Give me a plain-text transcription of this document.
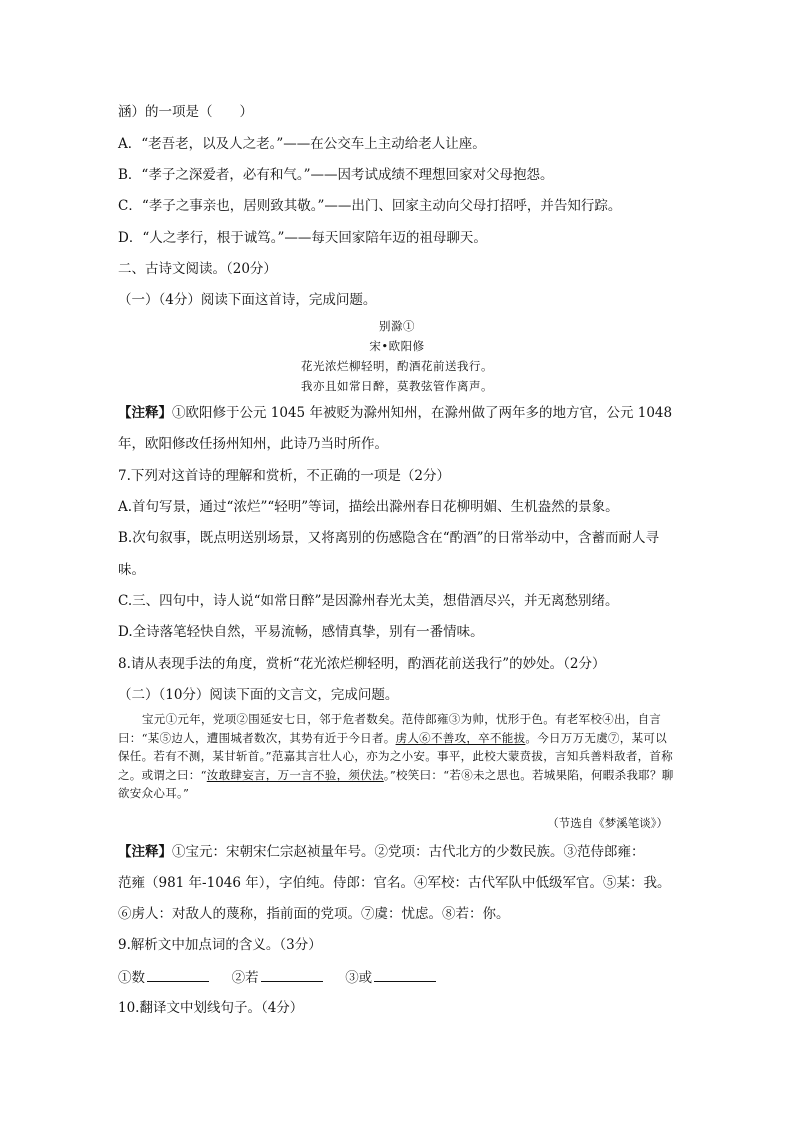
涵）的一项是（　　）
A．“老吾老，以及人之老。”——在公交车上主动给老人让座。
B．“孝子之深爱者，必有和气。”——因考试成绩不理想回家对父母抱怨。
C．“孝子之事亲也，居则致其敬。”——出门、回家主动向父母打招呼，并告知行踪。
D．“人之孝行，根于诚笃。”——每天回家陪年迈的祖母聊天。
二、古诗文阅读。（20分）
（一）（4分）阅读下面这首诗，完成问题。
别滁①
宋•欧阳修
花光浓烂柳轻明，酌酒花前送我行。
我亦且如常日醉，莫教弦管作离声。
【注释】①欧阳修于公元 1045 年被贬为滁州知州，在滁州做了两年多的地方官，公元 1048
年，欧阳修改任扬州知州，此诗乃当时所作。
7.下列对这首诗的理解和赏析，不正确的一项是（2分）
A.首句写景，通过“浓烂”“轻明”等词，描绘出滁州春日花柳明媚、生机盎然的景象。
B.次句叙事，既点明送别场景，又将离别的伤感隐含在“酌酒”的日常举动中，含蓄而耐人寻
味。
C.三、四句中，诗人说“如常日醉”是因滁州春光太美，想借酒尽兴，并无离愁别绪。
D.全诗落笔轻快自然，平易流畅，感情真挚，别有一番情味。
8.请从表现手法的角度，赏析“花光浓烂柳轻明，酌酒花前送我行”的妙处。（2分）
（二）（10分）阅读下面的文言文，完成问题。
宝元①元年，党项②围延安七日，邻于危者数矣。范侍郎雍③为帅，忧形于色。有老军校④出，自言曰：“某⑤边人，遭围城者数次，其势有近于今日者。虏人⑥不善攻，卒不能拔。今日万万无虞⑦，某可以保任。若有不测，某甘斩首。”范嘉其言壮人心，亦为之小安。事平，此校大蒙贲拔，言知兵善料敌者，首称之。或谓之曰：“汝敢肆妄言，万一言不验，须伏法。”校笑曰：“若⑧未之思也。若城果陷，何暇杀我耶？聊欲安众心耳。”
（节选自《梦溪笔谈》）
【注释】①宝元：宋朝宋仁宗赵祯量年号。②党项：古代北方的少数民族。③范侍郎雍：
范雍（981 年-1046 年），字伯纯。侍郎：官名。④军校：古代军队中低级军官。⑤某：我。
⑥虏人：对敌人的蔑称，指前面的党项。⑦虞：忧虑。⑧若：你。
9.解析文中加点词的含义。（3分）
①数	②若	③或
10.翻译文中划线句子。（4分）
